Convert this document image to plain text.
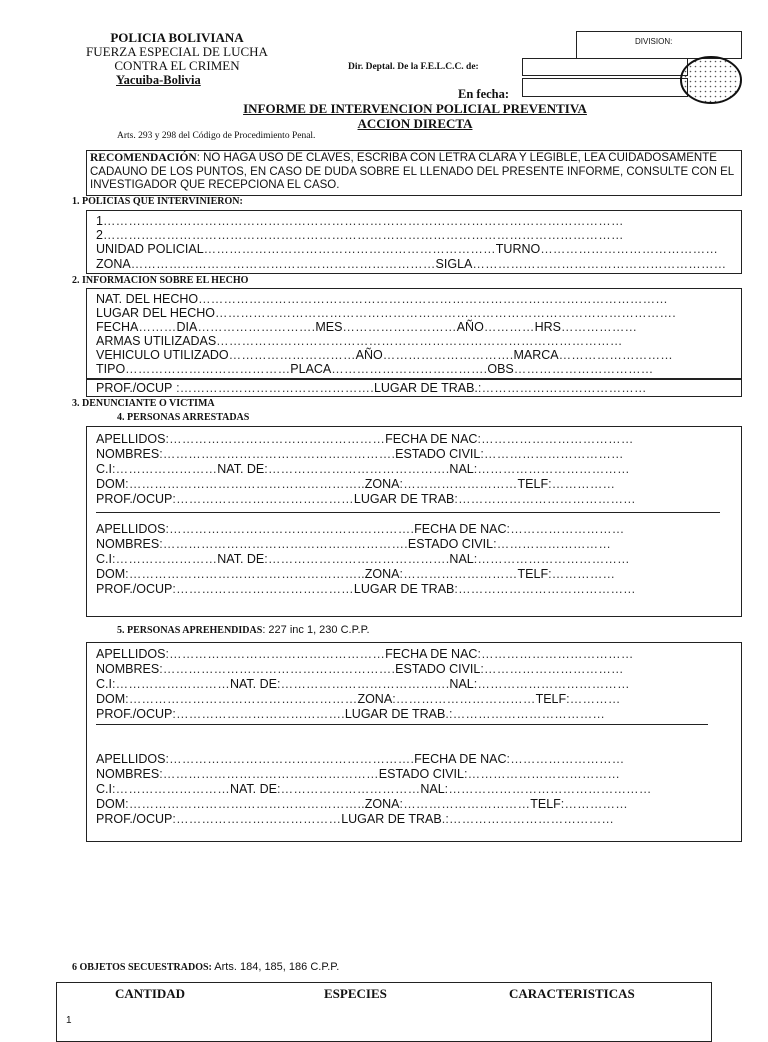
POLICIA BOLIVIANA
FUERZA ESPECIAL DE LUCHA
CONTRA EL CRIMEN
Yacuiba-Bolivia
DIVISION:
Dir. Deptal. De la F.E.L.C.C. de:
En fecha:
INFORME DE INTERVENCION POLICIAL PREVENTIVA
ACCION DIRECTA
Arts. 293 y 298 del Código de Procedimiento Penal.
RECOMENDACIÓN: NO HAGA USO DE CLAVES, ESCRIBA CON LETRA CLARA Y LEGIBLE, LEA CUIDADOSAMENTE CADAUNO DE LOS PUNTOS, EN CASO DE DUDA SOBRE EL LLENADO DEL PRESENTE INFORME, CONSULTE CON EL INVESTIGADOR QUE RECEPCIONA EL CASO.
1. POLICIAS QUE INTERVINIERON:
1……………………………………………………………………………………………………………
2……………………………………………………………………………………………………………
UNIDAD POLICIAL……………………………………………………………TURNO……………………………………
ZONA………………………………………………………………SIGLA……………………………………………………
2. INFORMACION SOBRE EL HECHO
NAT. DEL HECHO…………………………………………………………………………………………………
LUGAR DEL HECHO……………………………………………………………………………………………….
FECHA………DIA……………………….MES………………………AÑO…………HRS………………
ARMAS UTILIZADAS……………………………………………………………………………………
VEHICULO UTILIZADO…………………………AÑO………………………….MARCA………………………
TIPO…………………………………PLACA……………………………….OBS……………………………
PROF./OCUP :……………………………………….LUGAR DE TRAB.:…………………………………
3. DENUNCIANTE O VICTIMA
4. PERSONAS ARRESTADAS
APELLIDOS:……………………………………………FECHA DE NAC:………………………………
NOMBRES:……………………………………………….ESTADO CIVIL:……………………………
C.I:……………………NAT. DE:…………………………………….NAL:………………………………
DOM:………………………………………………..ZONA:………………………TELF:……………
PROF./OCUP:……………………………………LUGAR DE TRAB:……………………………………
APELLIDOS:………………………………………………….FECHA DE NAC:………………………
NOMBRES:………………………………………………….ESTADO CIVIL:………………………
C.I:……………………NAT. DE:…………………………………….NAL:………………………………
DOM:………………………………………………..ZONA:………………………TELF:……………
PROF./OCUP:……………………………………LUGAR DE TRAB:……………………………………
5. PERSONAS APREHENDIDAS: 227 inc 1, 230 C.P.P.
APELLIDOS:……………………………………………FECHA DE NAC:………………………………
NOMBRES:……………………………………………….ESTADO CIVIL:……………………………
C.I:………………………NAT. DE:………………………………….NAL:………………………………
DOM:………………………………………………ZONA:……………………………TELF:…………
PROF./OCUP:………………………………….LUGAR DE TRAB.:………………………………
APELLIDOS:………………………………………………….FECHA DE NAC:………………………
NOMBRES:……………………………………………ESTADO CIVIL:………………………………
C.I:………………………NAT. DE:……………………………NAL:…………………………………………
DOM:………………………………………………..ZONA:…………………………TELF:……………
PROF./OCUP:…………………………………LUGAR DE TRAB.:…………………………………
6 OBJETOS SECUESTRADOS: Arts. 184, 185, 186 C.P.P.
CANTIDAD	ESPECIES	CARACTERISTICAS
1
